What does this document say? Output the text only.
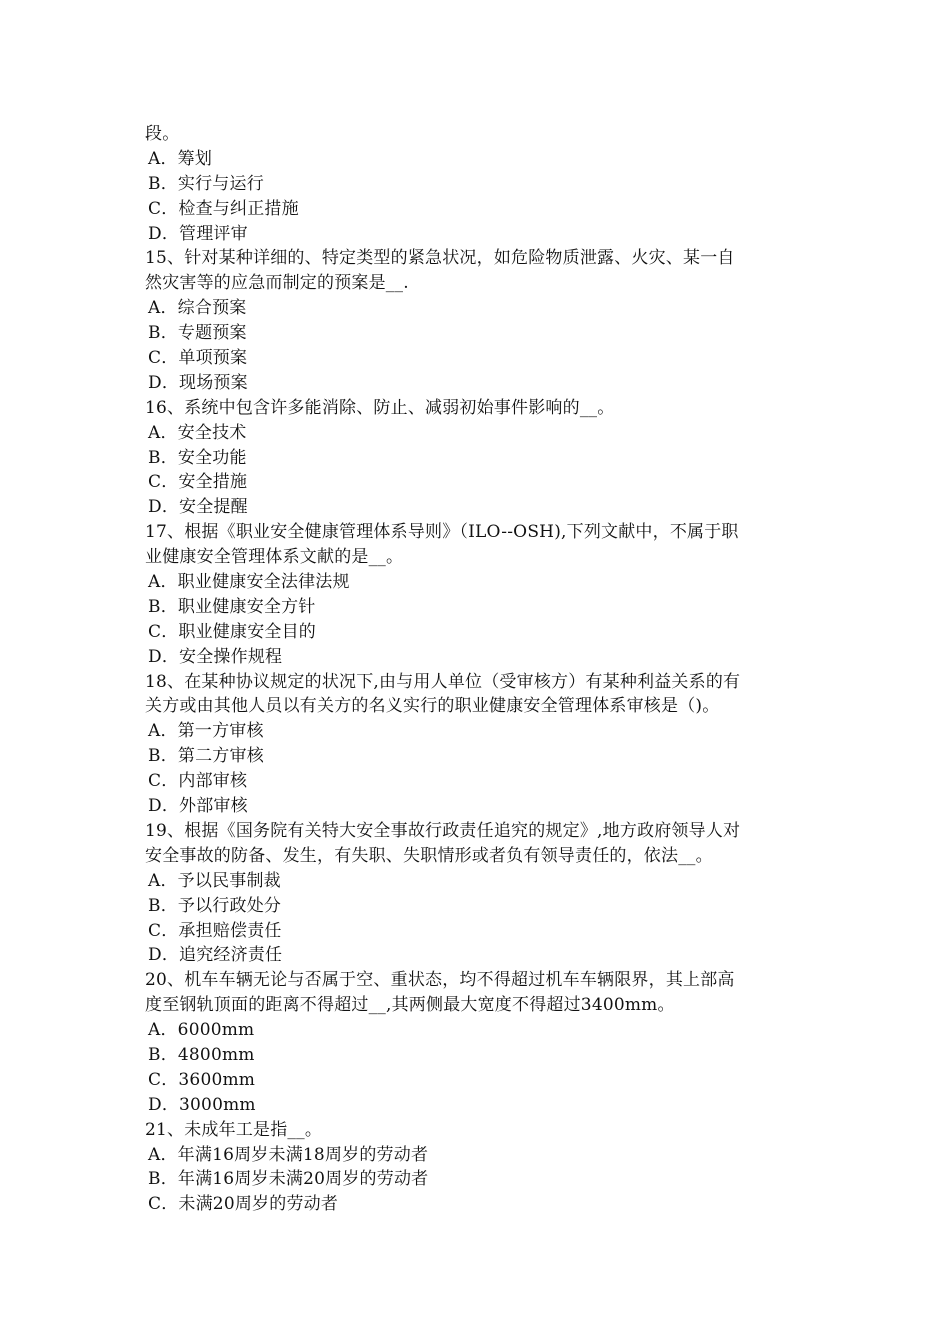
段。
A．筹划
B．实行与运行
C．检查与纠正措施
D．管理评审
15、针对某种详细的、特定类型的紧急状况，如危险物质泄露、火灾、某一自
然灾害等的应急而制定的预案是__.
A．综合预案
B．专题预案
C．单项预案
D．现场预案
16、系统中包含许多能消除、防止、减弱初始事件影响的__。
A．安全技术
B．安全功能
C．安全措施
D．安全提醒
17、根据《职业安全健康管理体系导则》（ILO--OSH),下列文献中，不属于职
业健康安全管理体系文献的是__。
A．职业健康安全法律法规
B．职业健康安全方针
C．职业健康安全目的
D．安全操作规程
18、在某种协议规定的状况下,由与用人单位（受审核方）有某种利益关系的有
关方或由其他人员以有关方的名义实行的职业健康安全管理体系审核是（)。
A．第一方审核
B．第二方审核
C．内部审核
D．外部审核
19、根据《国务院有关特大安全事故行政责任追究的规定》,地方政府领导人对
安全事故的防备、发生，有失职、失职情形或者负有领导责任的，依法__。
A．予以民事制裁
B．予以行政处分
C．承担赔偿责任
D．追究经济责任
20、机车车辆无论与否属于空、重状态，均不得超过机车车辆限界，其上部高
度至钢轨顶面的距离不得超过__,其两侧最大宽度不得超过3400mm。
A．6000mm
B．4800mm
C．3600mm
D．3000mm
21、未成年工是指__。
A．年满16周岁未满18周岁的劳动者
B．年满16周岁未满20周岁的劳动者
C．未满20周岁的劳动者
